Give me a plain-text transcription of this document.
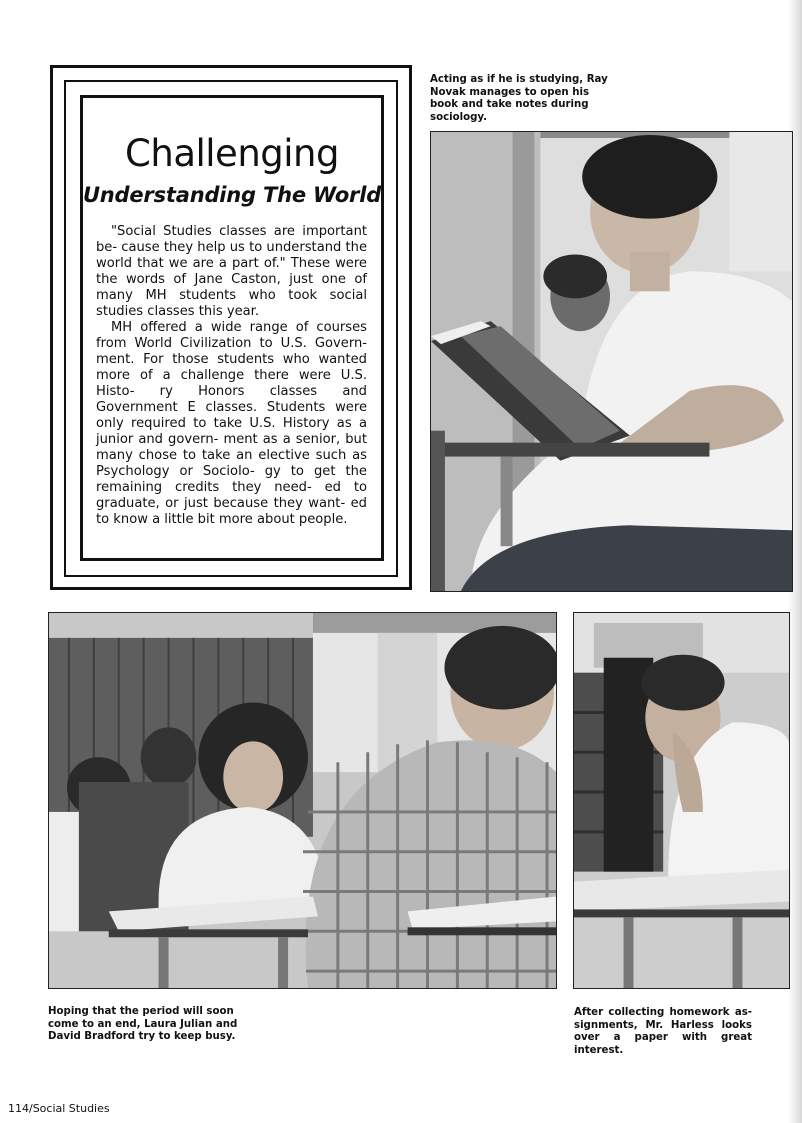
Challenging
Understanding The World

"Social Studies classes are important be- cause they help us to understand the world that we are a part of." These were the words of Jane Caston, just one of many MH students who took social studies classes this year.

MH offered a wide range of courses from World Civilization to U.S. Govern- ment. For those students who wanted more of a challenge there were U.S. Histo- ry Honors classes and Government E classes. Students were only required to take U.S. History as a junior and govern- ment as a senior, but many chose to take an elective such as Psychology or Sociolo- gy to get the remaining credits they need- ed to graduate, or just because they want- ed to know a little bit more about people.

Acting as if he is studying, Ray Novak manages to open his book and take notes during sociology.

Hoping that the period will soon come to an end, Laura Julian and David Bradford try to keep busy.

After collecting homework as- signments, Mr. Harless looks over a paper with great interest.

114/Social Studies
